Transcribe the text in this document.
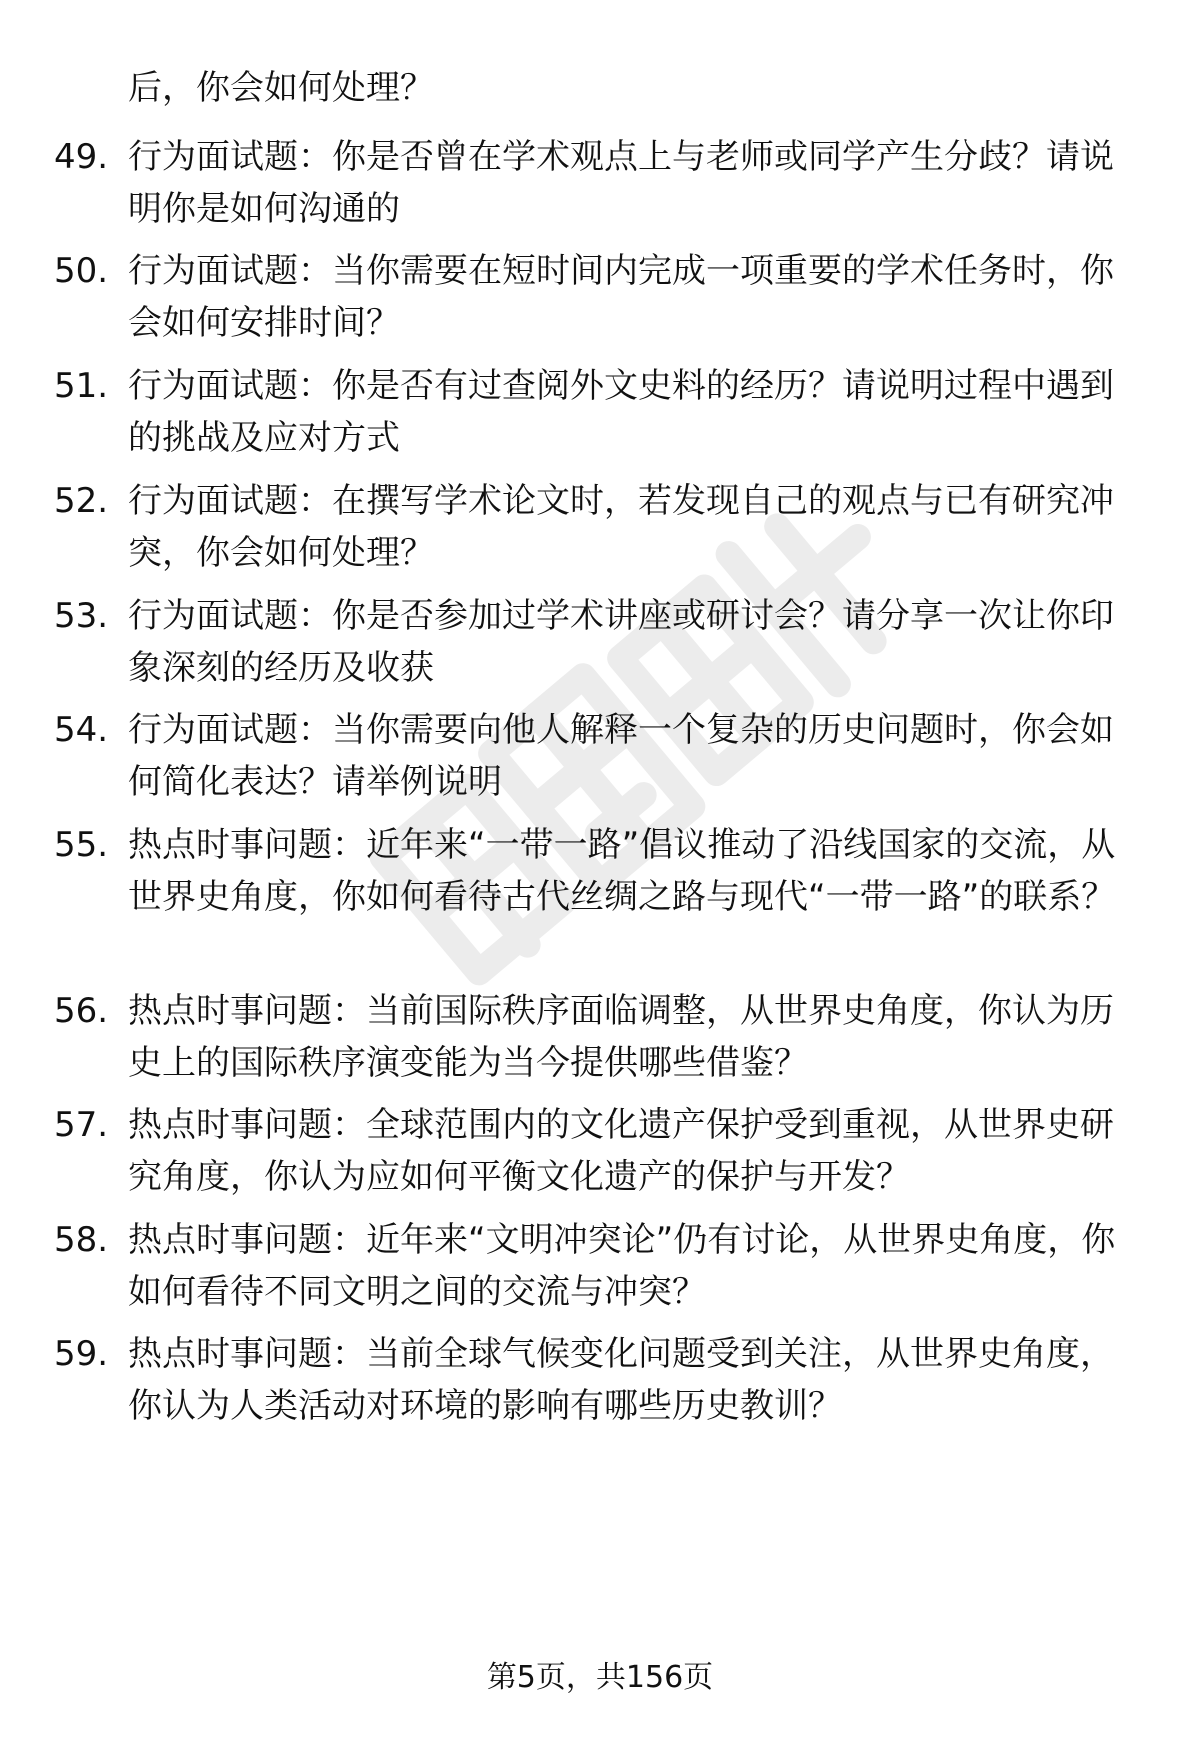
后，你会如何处理？
49. 行为面试题：你是否曾在学术观点上与老师或同学产生分歧？请说明你是如何沟通的
50. 行为面试题：当你需要在短时间内完成一项重要的学术任务时，你会如何安排时间？
51. 行为面试题：你是否有过查阅外文史料的经历？请说明过程中遇到的挑战及应对方式
52. 行为面试题：在撰写学术论文时，若发现自己的观点与已有研究冲突，你会如何处理？
53. 行为面试题：你是否参加过学术讲座或研讨会？请分享一次让你印象深刻的经历及收获
54. 行为面试题：当你需要向他人解释一个复杂的历史问题时，你会如何简化表达？请举例说明
55. 热点时事问题：近年来“一带一路”倡议推动了沿线国家的交流，从世界史角度，你如何看待古代丝绸之路与现代“一带一路”的联系？
56. 热点时事问题：当前国际秩序面临调整，从世界史角度，你认为历史上的国际秩序演变能为当今提供哪些借鉴？
57. 热点时事问题：全球范围内的文化遗产保护受到重视，从世界史研究角度，你认为应如何平衡文化遗产的保护与开发？
58. 热点时事问题：近年来“文明冲突论”仍有讨论，从世界史角度，你如何看待不同文明之间的交流与冲突？
59. 热点时事问题：当前全球气候变化问题受到关注，从世界史角度，你认为人类活动对环境的影响有哪些历史教训？
第5页，共156页
